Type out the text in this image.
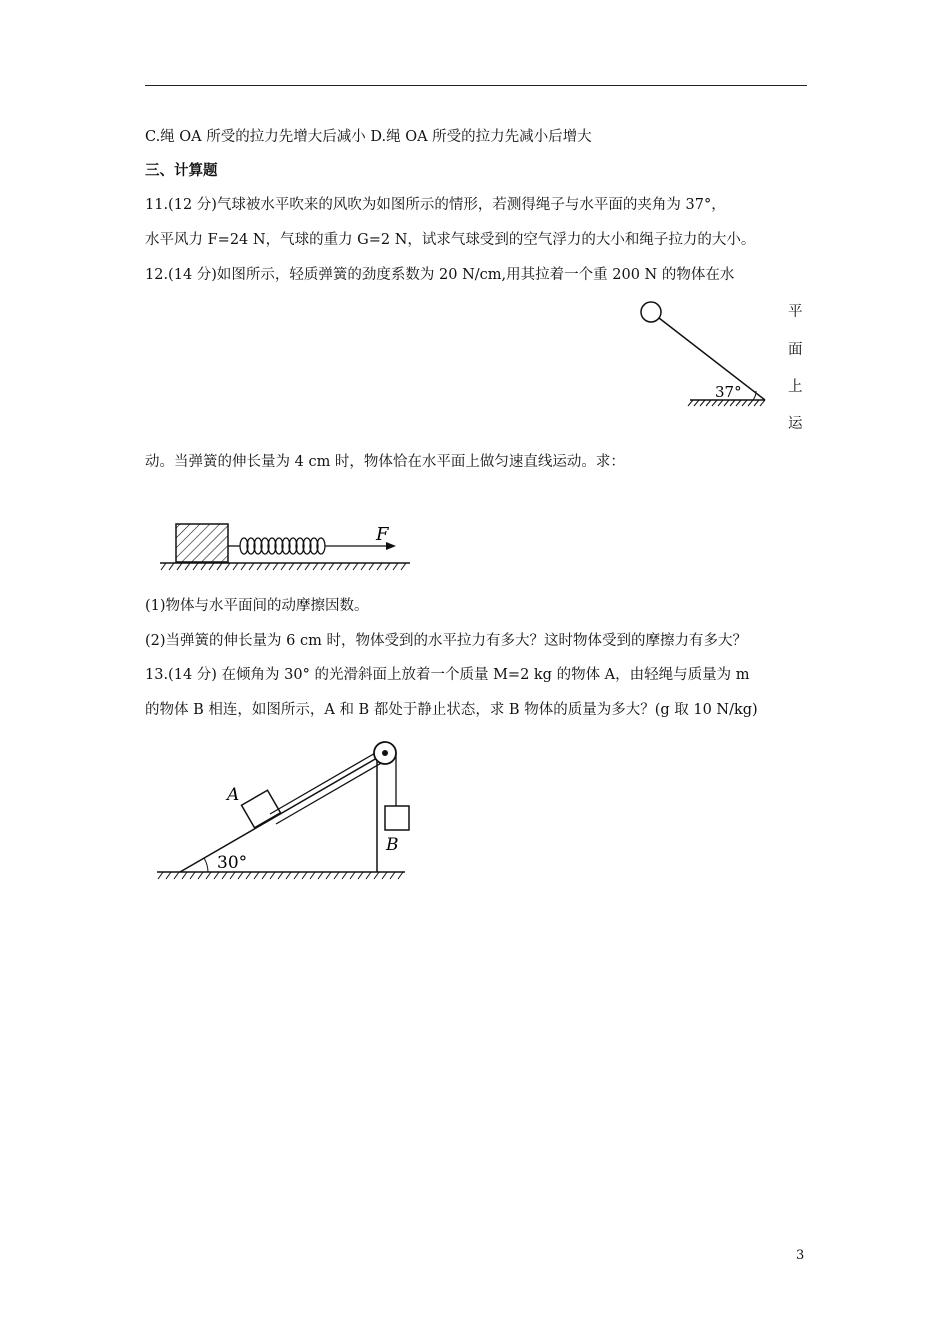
C.绳 OA 所受的拉力先增大后减小 D.绳 OA 所受的拉力先减小后增大
三、计算题
11.(12 分)气球被水平吹来的风吹为如图所示的情形，若测得绳子与水平面的夹角为 37°，
水平风力 F=24 N，气球的重力 G=2 N，试求气球受到的空气浮力的大小和绳子拉力的大小。
12.(14 分)如图所示，轻质弹簧的劲度系数为 20 N/cm,用其拉着一个重 200 N 的物体在水
平
面
上
运
37°
动。当弹簧的伸长量为 4 cm 时，物体恰在水平面上做匀速直线运动。求：
F
(1)物体与水平面间的动摩擦因数。
(2)当弹簧的伸长量为 6 cm 时，物体受到的水平拉力有多大？这时物体受到的摩擦力有多大？
13.(14 分) 在倾角为 30° 的光滑斜面上放着一个质量 M=2 kg 的物体 A，由轻绳与质量为 m
的物体 B 相连，如图所示，A 和 B 都处于静止状态，求 B 物体的质量为多大？(g 取 10 N/kg)
30°
A
B
3
